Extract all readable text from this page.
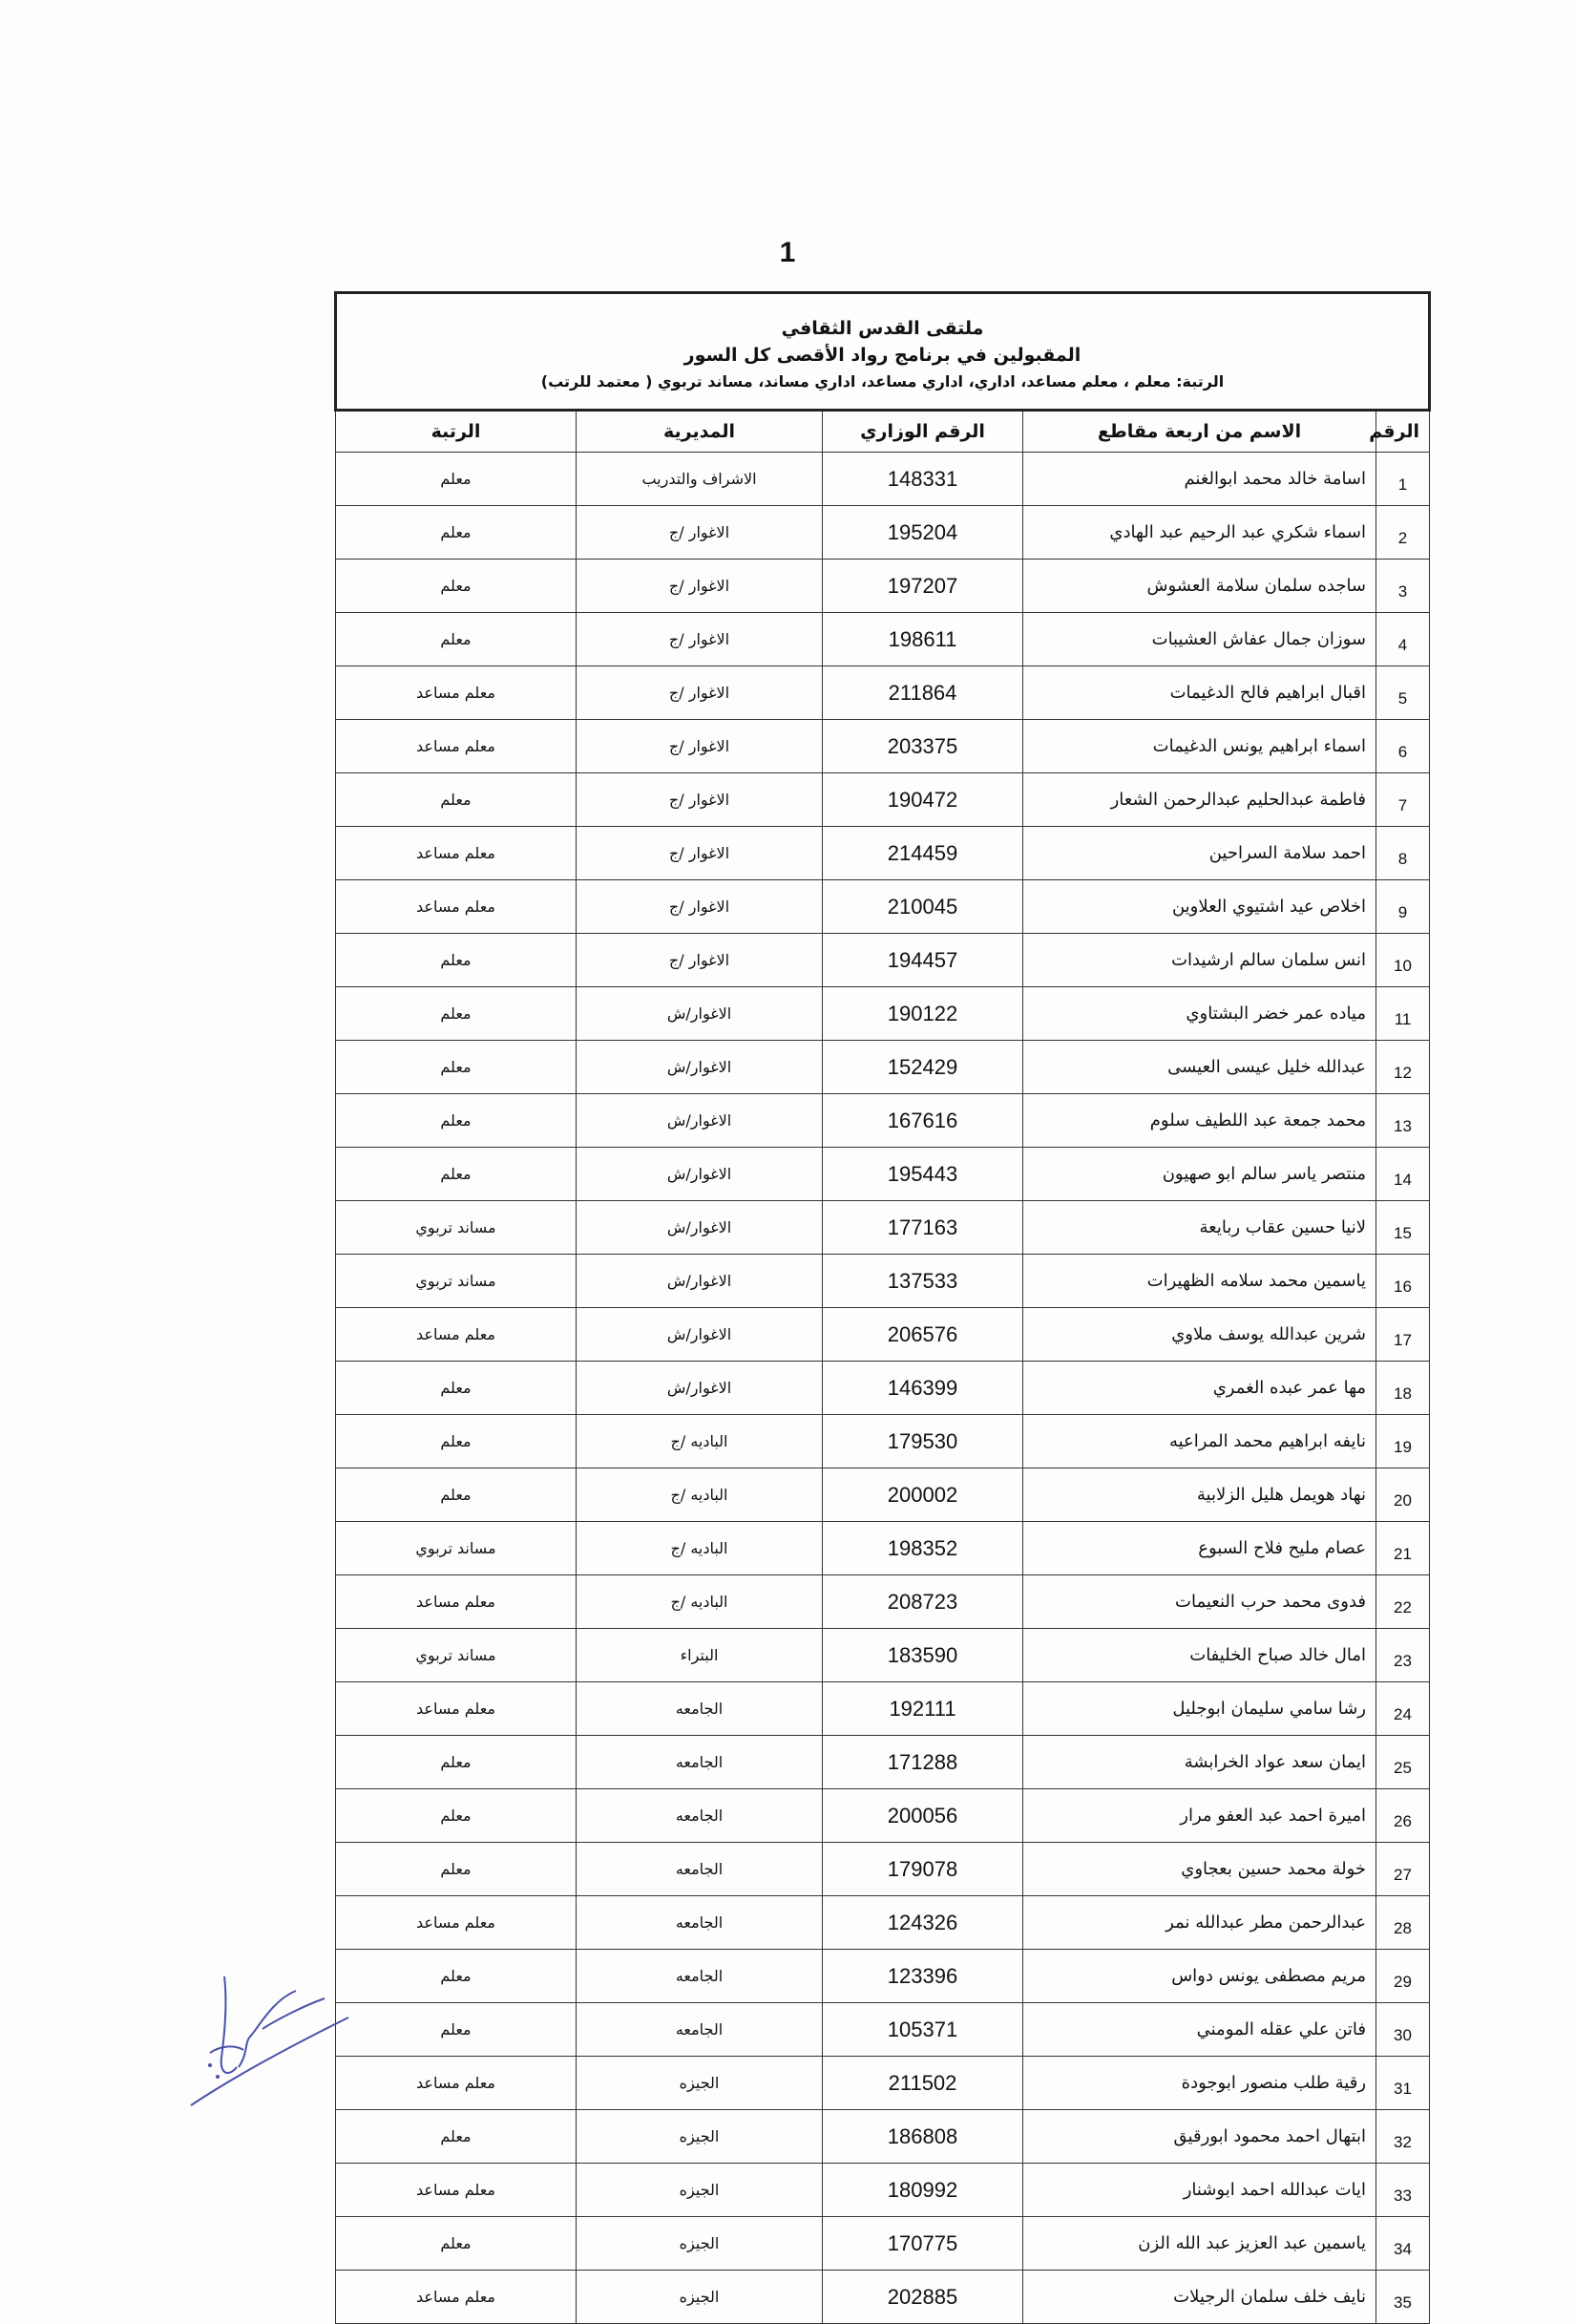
1
ملتقى القدس الثقافي
المقبولين في برنامج رواد الأقصى كل السور
الرتبة: معلم ، معلم مساعد، اداري، اداري مساعد، اداري مساند، مساند تربوي ( معتمد للرتب)				

الرقم	الاسم من اربعة مقاطع	الرقم الوزاري	المديرية	الرتبة
1	اسامة خالد محمد ابوالغنم	148331	الاشراف والتدريب	معلم
2	اسماء شكري عبد الرحيم عبد الهادي	195204	الاغوار /ج	معلم
3	ساجده سلمان سلامة العشوش	197207	الاغوار /ج	معلم
4	سوزان جمال عفاش العشيبات	198611	الاغوار /ج	معلم
5	اقبال ابراهيم فالح الدغيمات	211864	الاغوار /ج	معلم مساعد
6	اسماء ابراهيم يونس الدغيمات	203375	الاغوار /ج	معلم مساعد
7	فاطمة عبدالحليم عبدالرحمن الشعار	190472	الاغوار /ج	معلم
8	احمد سلامة السراحين	214459	الاغوار /ج	معلم مساعد
9	اخلاص عيد اشتيوي العلاوين	210045	الاغوار /ج	معلم مساعد
10	انس سلمان سالم ارشيدات	194457	الاغوار /ج	معلم
11	مياده عمر خضر البشتاوي	190122	الاغوار/ش	معلم
12	عبدالله خليل عيسى العيسى	152429	الاغوار/ش	معلم
13	محمد جمعة عبد اللطيف سلوم	167616	الاغوار/ش	معلم
14	منتصر ياسر سالم ابو صهيون	195443	الاغوار/ش	معلم
15	لانيا حسين عقاب ربايعة	177163	الاغوار/ش	مساند تربوي
16	ياسمين محمد سلامه الظهيرات	137533	الاغوار/ش	مساند تربوي
17	شرين عبدالله يوسف ملاوي	206576	الاغوار/ش	معلم مساعد
18	مها عمر عبده الغمري	146399	الاغوار/ش	معلم
19	نايفه ابراهيم محمد المراعيه	179530	الباديه /ج	معلم
20	نهاد هويمل هليل الزلابية	200002	الباديه /ج	معلم
21	عصام مليح فلاح السبوع	198352	الباديه /ج	مساند تربوي
22	فدوى محمد حرب النعيمات	208723	الباديه /ج	معلم مساعد
23	امال خالد صباح الخليفات	183590	البتراء	مساند تربوي
24	رشا سامي سليمان ابوجليل	192111	الجامعه	معلم مساعد
25	ايمان سعد عواد الخرابشة	171288	الجامعه	معلم
26	اميرة احمد عبد العفو مرار	200056	الجامعه	معلم
27	خولة محمد حسين بعجاوي	179078	الجامعه	معلم
28	عبدالرحمن مطر عبدالله نمر	124326	الجامعه	معلم مساعد
29	مريم مصطفى يونس دواس	123396	الجامعه	معلم
30	فاتن علي عقله المومني	105371	الجامعه	معلم
31	رقية طلب منصور ابوجودة	211502	الجيزه	معلم مساعد
32	ابتهال احمد محمود ابورقيق	186808	الجيزه	معلم
33	ايات عبدالله احمد ابوشنار	180992	الجيزه	معلم مساعد
34	ياسمين عبد العزيز عبد الله الزن	170775	الجيزه	معلم
35	نايف خلف سلمان الرجيلات	202885	الجيزه	معلم مساعد
